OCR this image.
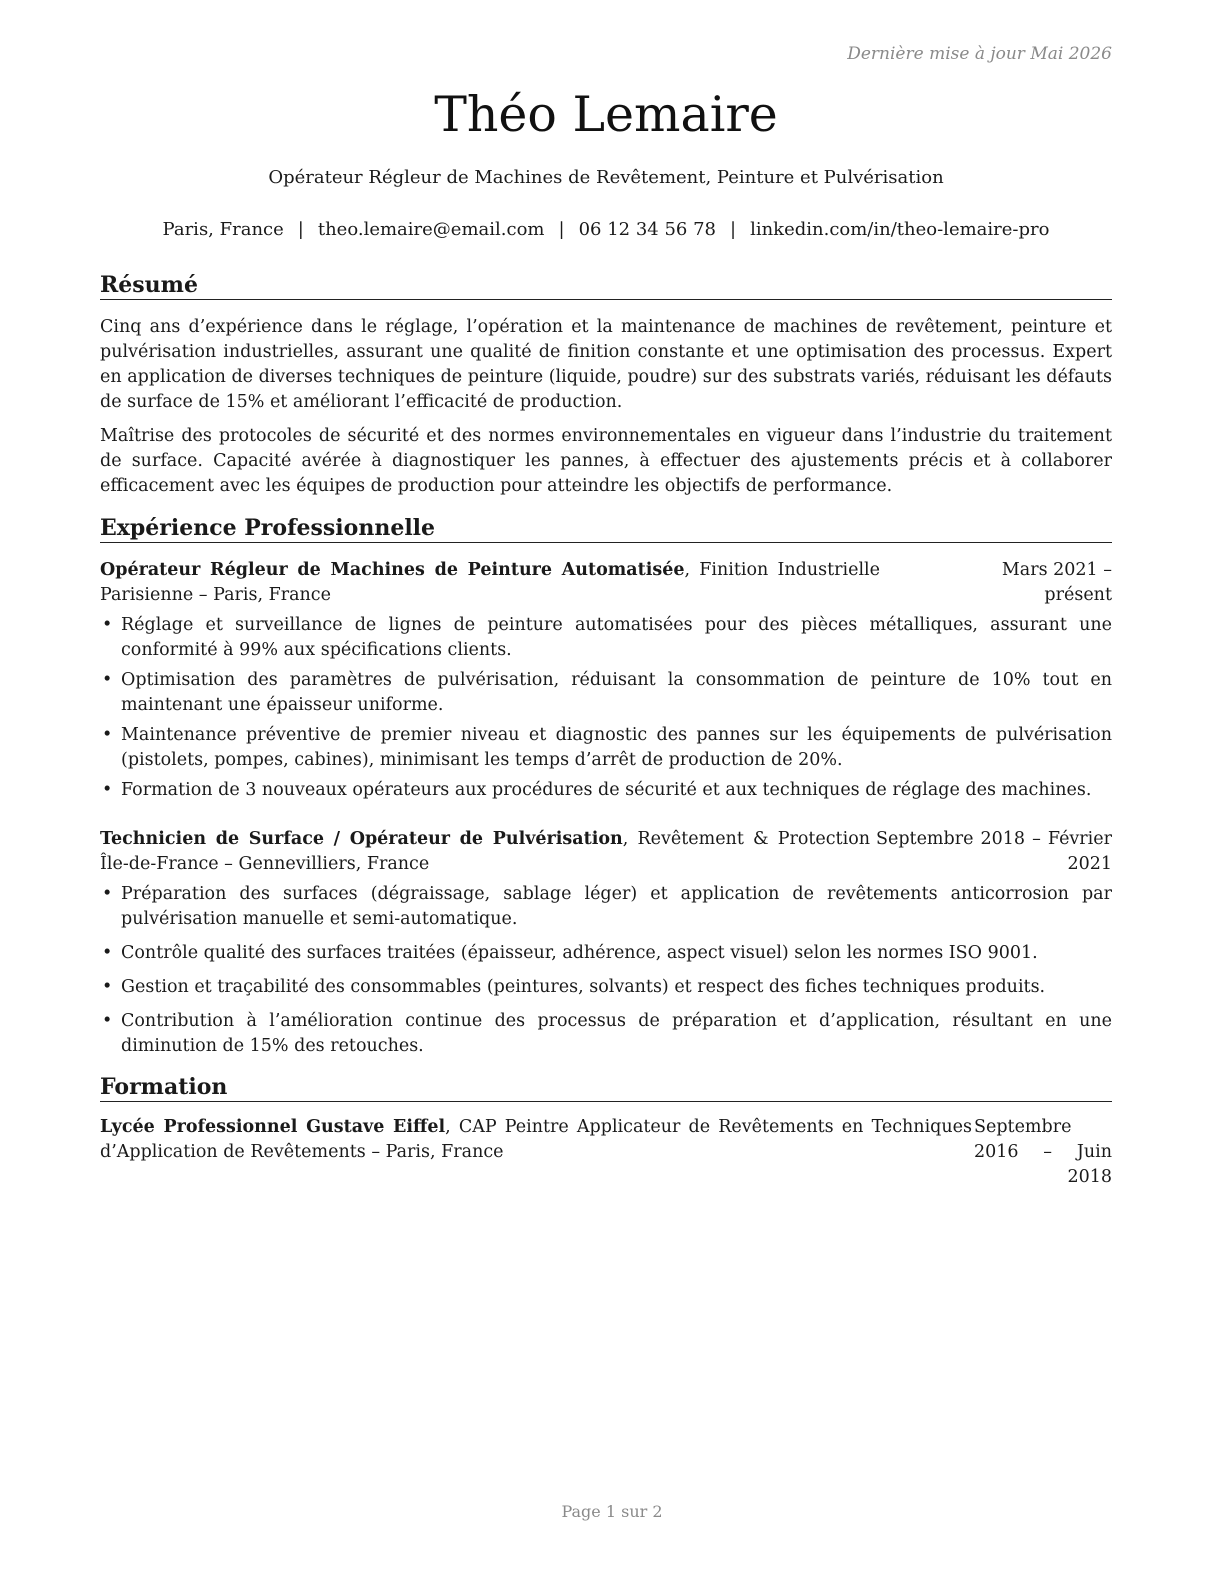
Dernière mise à jour Mai 2026
Théo Lemaire
Opérateur Régleur de Machines de Revêtement, Peinture et Pulvérisation
Paris, France | theo.lemaire@email.com | 06 12 34 56 78 | linkedin.com/in/theo-lemaire-pro
Résumé

Cinq ans d’expérience dans le réglage, l’opération et la maintenance de machines de revêtement, peinture et pulvérisation industrielles, assurant une qualité de finition constante et une optimisation des processus. Expert en application de diverses techniques de peinture (liquide, poudre) sur des substrats variés, réduisant les défauts de surface de 15% et améliorant l’efficacité de production.

Maîtrise des protocoles de sécurité et des normes environnementales en vigueur dans l’industrie du traitement de surface. Capacité avérée à diagnostiquer les pannes, à effectuer des ajustements précis et à collaborer efficacement avec les équipes de production pour atteindre les objectifs de performance.

Expérience Professionnelle
Opérateur Régleur de Machines de Peinture Automatisée, Finition Industrielle Parisienne – Paris, France
Mars 2021 – présent
• Réglage et surveillance de lignes de peinture automatisées pour des pièces métalliques, assurant une conformité à 99% aux spécifications clients.
• Optimisation des paramètres de pulvérisation, réduisant la consommation de peinture de 10% tout en maintenant une épaisseur uniforme.
• Maintenance préventive de premier niveau et diagnostic des pannes sur les équipements de pulvérisation (pistolets, pompes, cabines), minimisant les temps d’arrêt de production de 20%.
• Formation de 3 nouveaux opérateurs aux procédures de sécurité et aux techniques de réglage des machines.
Technicien de Surface / Opérateur de Pulvérisation, Revêtement & Protection Île-de-France – Gennevilliers, France
Septembre 2018 – Février 2021
• Préparation des surfaces (dégraissage, sablage léger) et application de revêtements anticorrosion par pulvérisation manuelle et semi-automatique.
• Contrôle qualité des surfaces traitées (épaisseur, adhérence, aspect visuel) selon les normes ISO 9001.
• Gestion et traçabilité des consommables (peintures, solvants) et respect des fiches techniques produits.
• Contribution à l’amélioration continue des processus de préparation et d’application, résultant en une diminution de 15% des retouches.
Formation
Lycée Professionnel Gustave Eiffel, CAP Peintre Applicateur de Revêtements en Techniques d’Application de Revêtements – Paris, France
Septembre 2016 – Juin 2018
Page 1 sur 2
